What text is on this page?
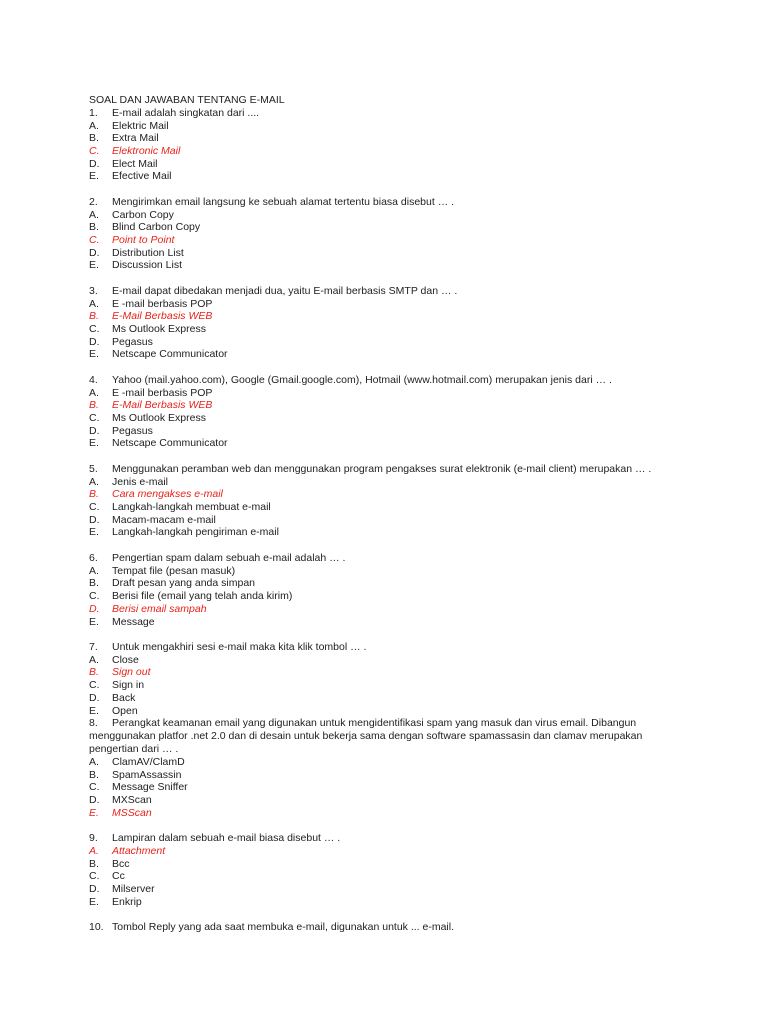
SOAL DAN JAWABAN TENTANG E-MAIL
1. E-mail adalah singkatan dari ....
A.	Elektric Mail
B.	Extra Mail
C.	Elektronic Mail
D.	Elect Mail
E.	Efective Mail
2. Mengirimkan email langsung ke sebuah alamat tertentu biasa disebut … .
A.	Carbon Copy
B.	Blind Carbon Copy
C.	Point to Point
D.	Distribution List
E.	Discussion List
3. E-mail dapat dibedakan menjadi dua, yaitu E-mail berbasis SMTP dan … .
A.	E -mail berbasis POP
B.	E-Mail Berbasis WEB
C.	Ms Outlook Express
D.	Pegasus
E.	Netscape Communicator
4. Yahoo (mail.yahoo.com), Google (Gmail.google.com), Hotmail (www.hotmail.com) merupakan jenis dari … .
A.	E -mail berbasis POP
B.	E-Mail Berbasis WEB
C.	Ms Outlook Express
D.	Pegasus
E.	Netscape Communicator
5. Menggunakan peramban web dan menggunakan program pengakses surat elektronik (e-mail client) merupakan … .
A.	Jenis e-mail
B.	Cara mengakses e-mail
C.	Langkah-langkah membuat e-mail
D.	Macam-macam e-mail
E.	Langkah-langkah pengiriman e-mail
6. Pengertian spam dalam sebuah e-mail adalah … .
A.	Tempat file (pesan masuk)
B.	Draft pesan yang anda simpan
C.	Berisi file (email yang telah anda kirim)
D.	Berisi email sampah
E.	Message
7. Untuk mengakhiri sesi e-mail maka kita klik tombol … .
A.	Close
B.	Sign out
C.	Sign in
D.	Back
E.	Open
8. Perangkat keamanan email yang digunakan untuk mengidentifikasi spam yang masuk dan virus email. Dibangun menggunakan platfor .net 2.0 dan di desain untuk bekerja sama dengan software spamassasin dan clamav merupakan pengertian dari … .
A.	ClamAV/ClamD
B.	SpamAssassin
C.	Message Sniffer
D.	MXScan
E.	MSScan
9. Lampiran dalam sebuah e-mail biasa disebut … .
A.	Attachment
B.	Bcc
C.	Cc
D.	Milserver
E.	Enkrip
10. Tombol Reply yang ada saat membuka e-mail, digunakan untuk ... e-mail.
